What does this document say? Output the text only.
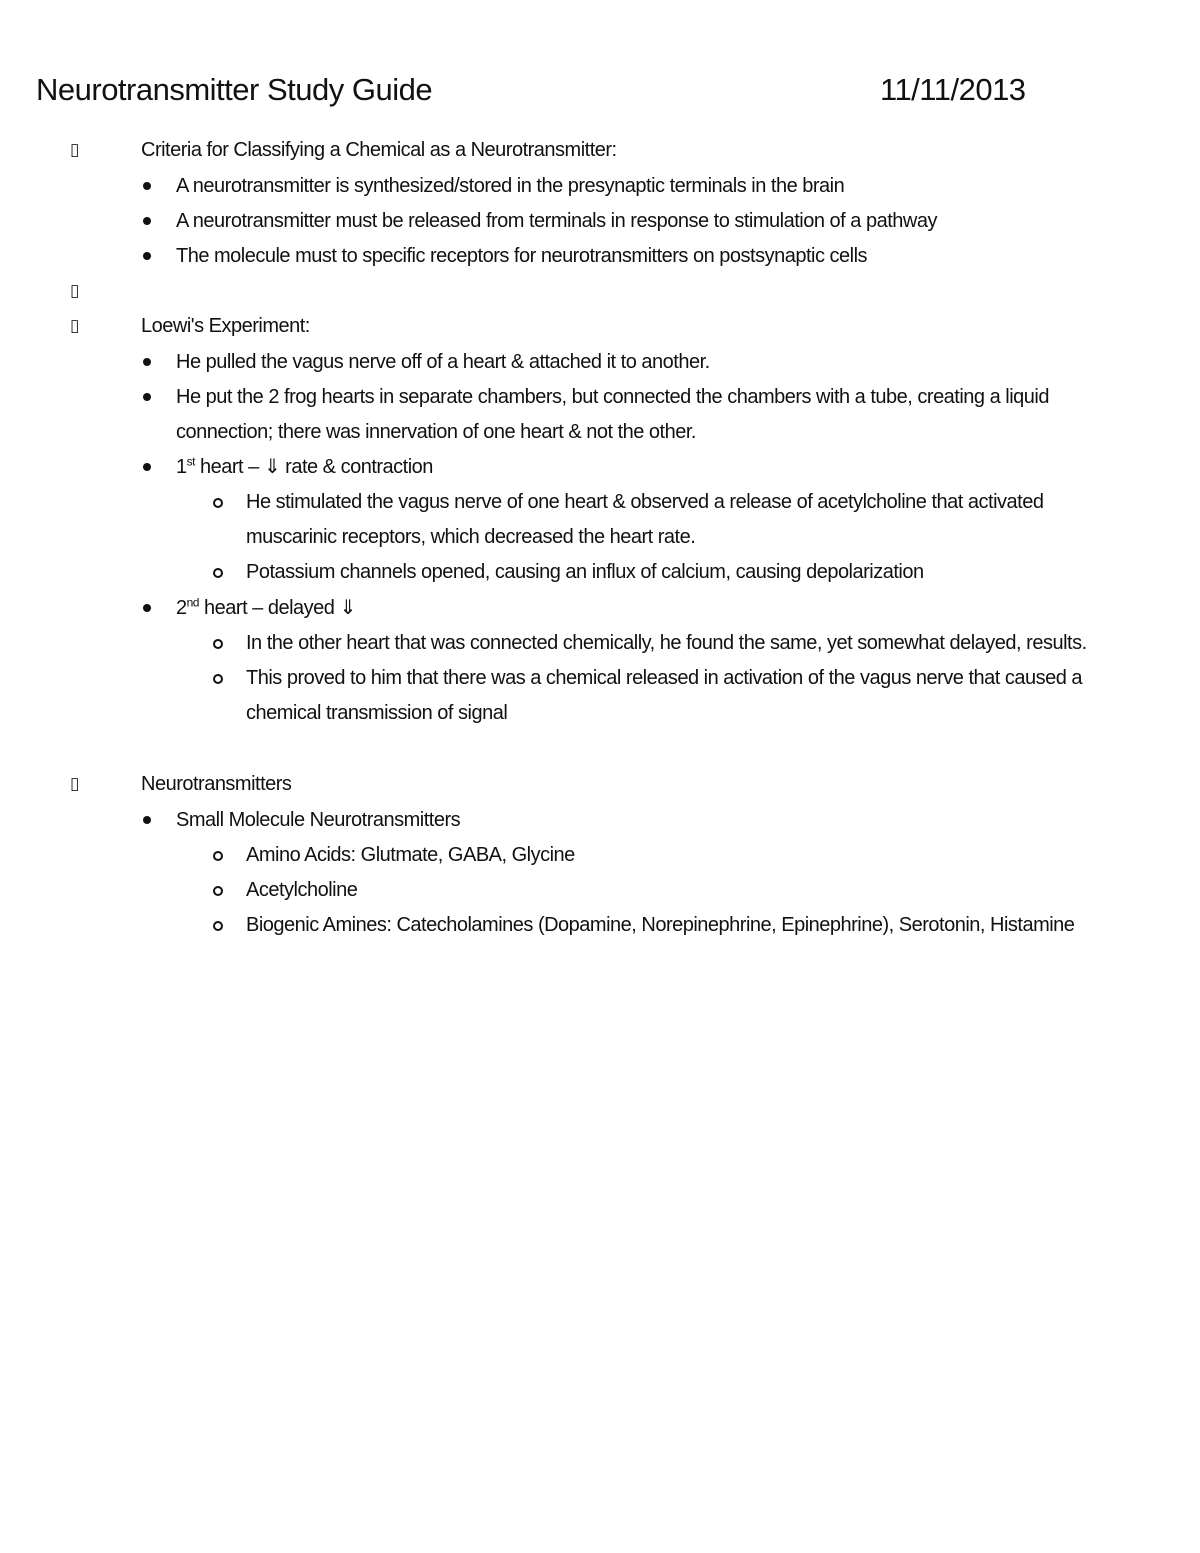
Neurotransmitter Study Guide	11/11/2013
▯	Criteria for Classifying a Chemical as a Neurotransmitter:
A neurotransmitter is synthesized/stored in the presynaptic terminals in the brain
A neurotransmitter must be released from terminals in response to stimulation of a pathway
The molecule must to specific receptors for neurotransmitters on postsynaptic cells
▯
▯	Loewi's Experiment:
He pulled the vagus nerve off of a heart & attached it to another.
He put the 2 frog hearts in separate chambers, but connected the chambers with a tube, creating a liquid
connection; there was innervation of one heart & not the other.
1st heart – ⇓ rate & contraction
He stimulated the vagus nerve of one heart & observed a release of acetylcholine that activated
muscarinic receptors, which decreased the heart rate.
Potassium channels opened, causing an influx of calcium, causing depolarization
2nd heart – delayed ⇓
In the other heart that was connected chemically, he found the same, yet somewhat delayed, results.
This proved to him that there was a chemical released in activation of the vagus nerve that caused a
chemical transmission of signal
▯	Neurotransmitters
Small Molecule Neurotransmitters
Amino Acids: Glutmate, GABA, Glycine
Acetylcholine
Biogenic Amines: Catecholamines (Dopamine, Norepinephrine, Epinephrine), Serotonin, Histamine
